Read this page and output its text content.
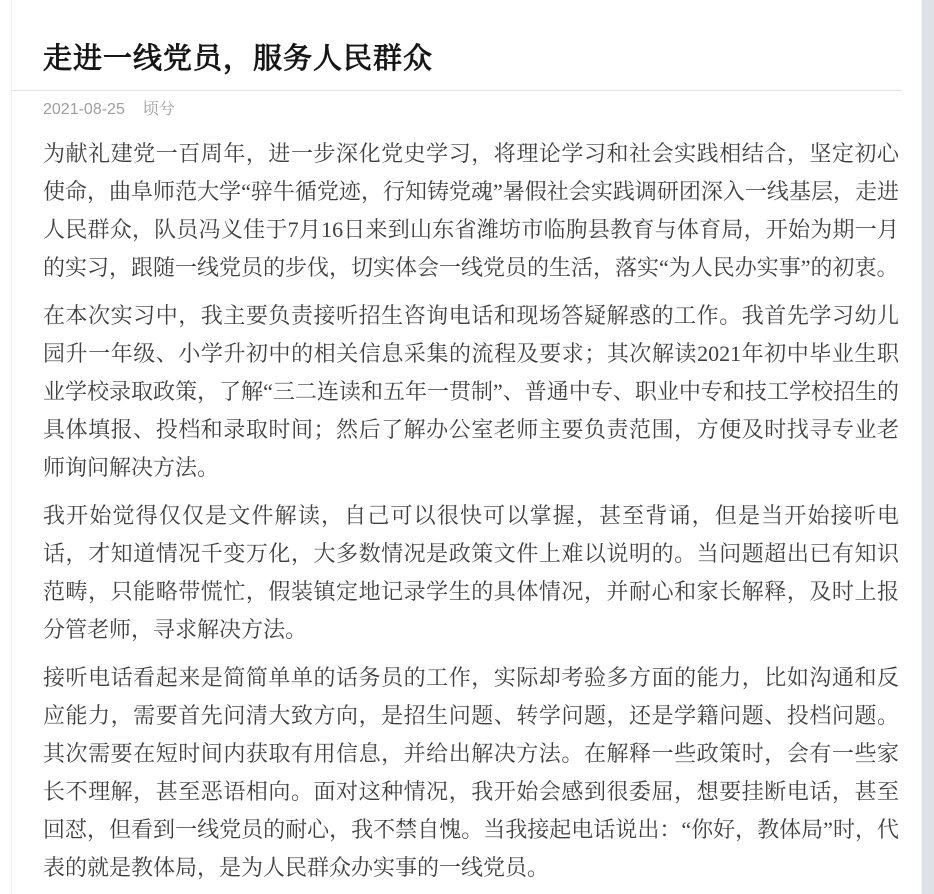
走进一线党员，服务人民群众
2021-08-25 顷兮

为献礼建党一百周年，进一步深化党史学习，将理论学习和社会实践相结合，坚定初心使命，曲阜师范大学“骍牛循党迹，行知铸党魂”暑假社会实践调研团深入一线基层，走进人民群众，队员冯义佳于7月16日来到山东省潍坊市临朐县教育与体育局，开始为期一月的实习，跟随一线党员的步伐，切实体会一线党员的生活，落实“为人民办实事”的初衷。

在本次实习中，我主要负责接听招生咨询电话和现场答疑解惑的工作。我首先学习幼儿园升一年级、小学升初中的相关信息采集的流程及要求；其次解读2021年初中毕业生职业学校录取政策，了解“三二连读和五年一贯制”、普通中专、职业中专和技工学校招生的具体填报、投档和录取时间；然后了解办公室老师主要负责范围，方便及时找寻专业老师询问解决方法。

我开始觉得仅仅是文件解读，自己可以很快可以掌握，甚至背诵，但是当开始接听电话，才知道情况千变万化，大多数情况是政策文件上难以说明的。当问题超出已有知识范畴，只能略带慌忙，假装镇定地记录学生的具体情况，并耐心和家长解释，及时上报分管老师，寻求解决方法。

接听电话看起来是简简单单的话务员的工作，实际却考验多方面的能力，比如沟通和反应能力，需要首先问清大致方向，是招生问题、转学问题，还是学籍问题、投档问题。其次需要在短时间内获取有用信息，并给出解决方法。在解释一些政策时，会有一些家长不理解，甚至恶语相向。面对这种情况，我开始会感到很委屈，想要挂断电话，甚至回怼，但看到一线党员的耐心，我不禁自愧。当我接起电话说出：“你好，教体局”时，代表的就是教体局，是为人民群众办实事的一线党员。
